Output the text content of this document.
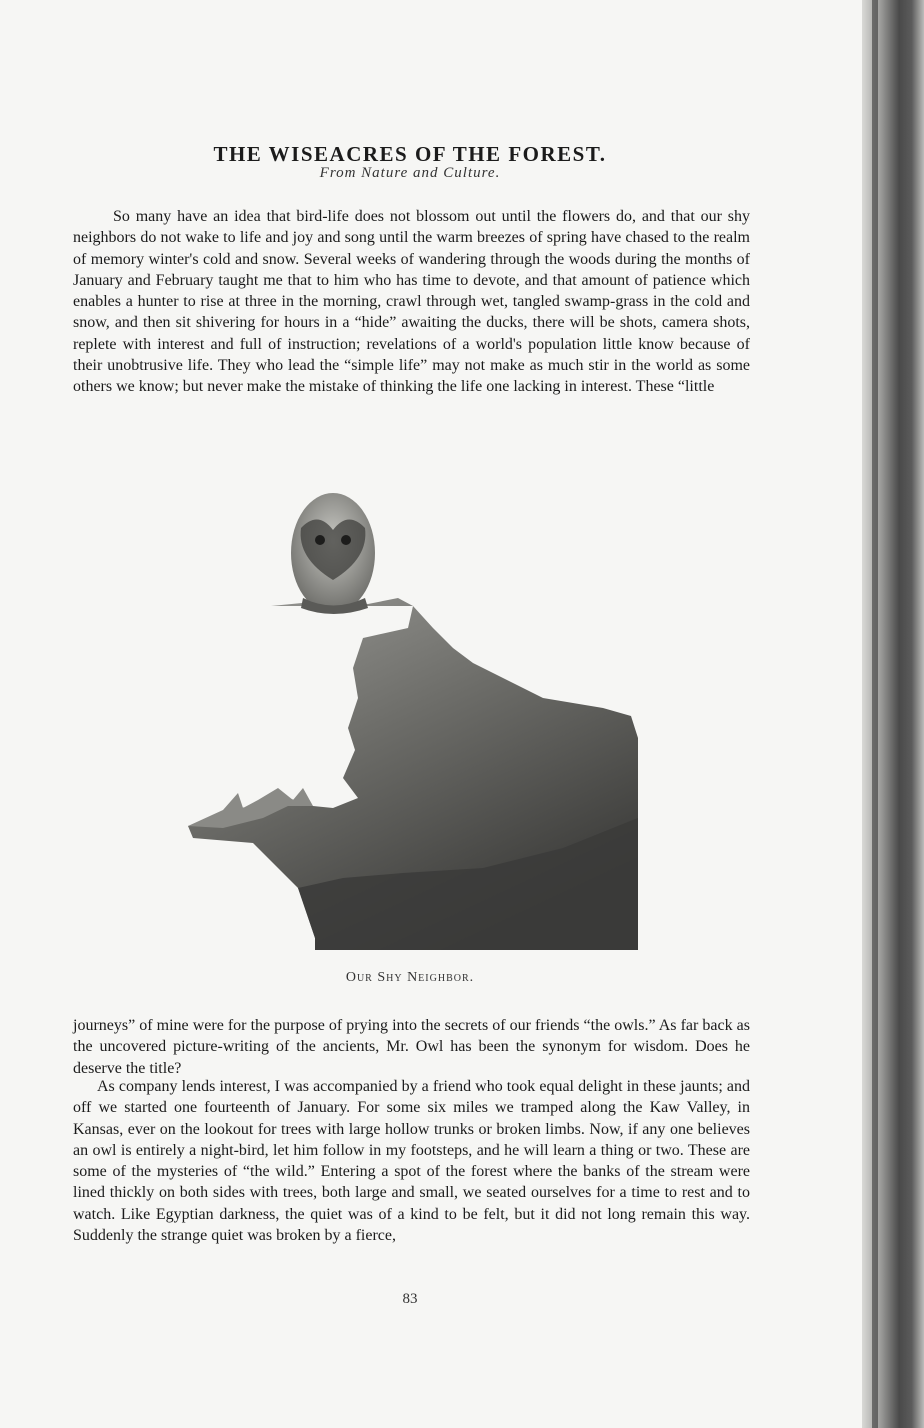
THE WISEACRES OF THE FOREST.
From Nature and Culture.

So many have an idea that bird-life does not blossom out until the flowers do, and that our shy neighbors do not wake to life and joy and song until the warm breezes of spring have chased to the realm of memory winter's cold and snow. Several weeks of wandering through the woods during the months of January and February taught me that to him who has time to devote, and that amount of patience which enables a hunter to rise at three in the morning, crawl through wet, tangled swamp-grass in the cold and snow, and then sit shivering for hours in a “hide” awaiting the ducks, there will be shots, camera shots, replete with interest and full of instruction; revelations of a world's population little know because of their unobtrusive life. They who lead the “simple life” may not make as much stir in the world as some others we know; but never make the mistake of thinking the life one lacking in interest. These “little

Our Shy Neighbor.

journeys” of mine were for the purpose of prying into the secrets of our friends “the owls.” As far back as the uncovered picture-writing of the ancients, Mr. Owl has been the synonym for wisdom. Does he deserve the title?

As company lends interest, I was accompanied by a friend who took equal delight in these jaunts; and off we started one fourteenth of January. For some six miles we tramped along the Kaw Valley, in Kansas, ever on the lookout for trees with large hollow trunks or broken limbs. Now, if any one believes an owl is entirely a night-bird, let him follow in my footsteps, and he will learn a thing or two. These are some of the mysteries of “the wild.” Entering a spot of the forest where the banks of the stream were lined thickly on both sides with trees, both large and small, we seated ourselves for a time to rest and to watch. Like Egyptian darkness, the quiet was of a kind to be felt, but it did not long remain this way. Suddenly the strange quiet was broken by a fierce,

83
